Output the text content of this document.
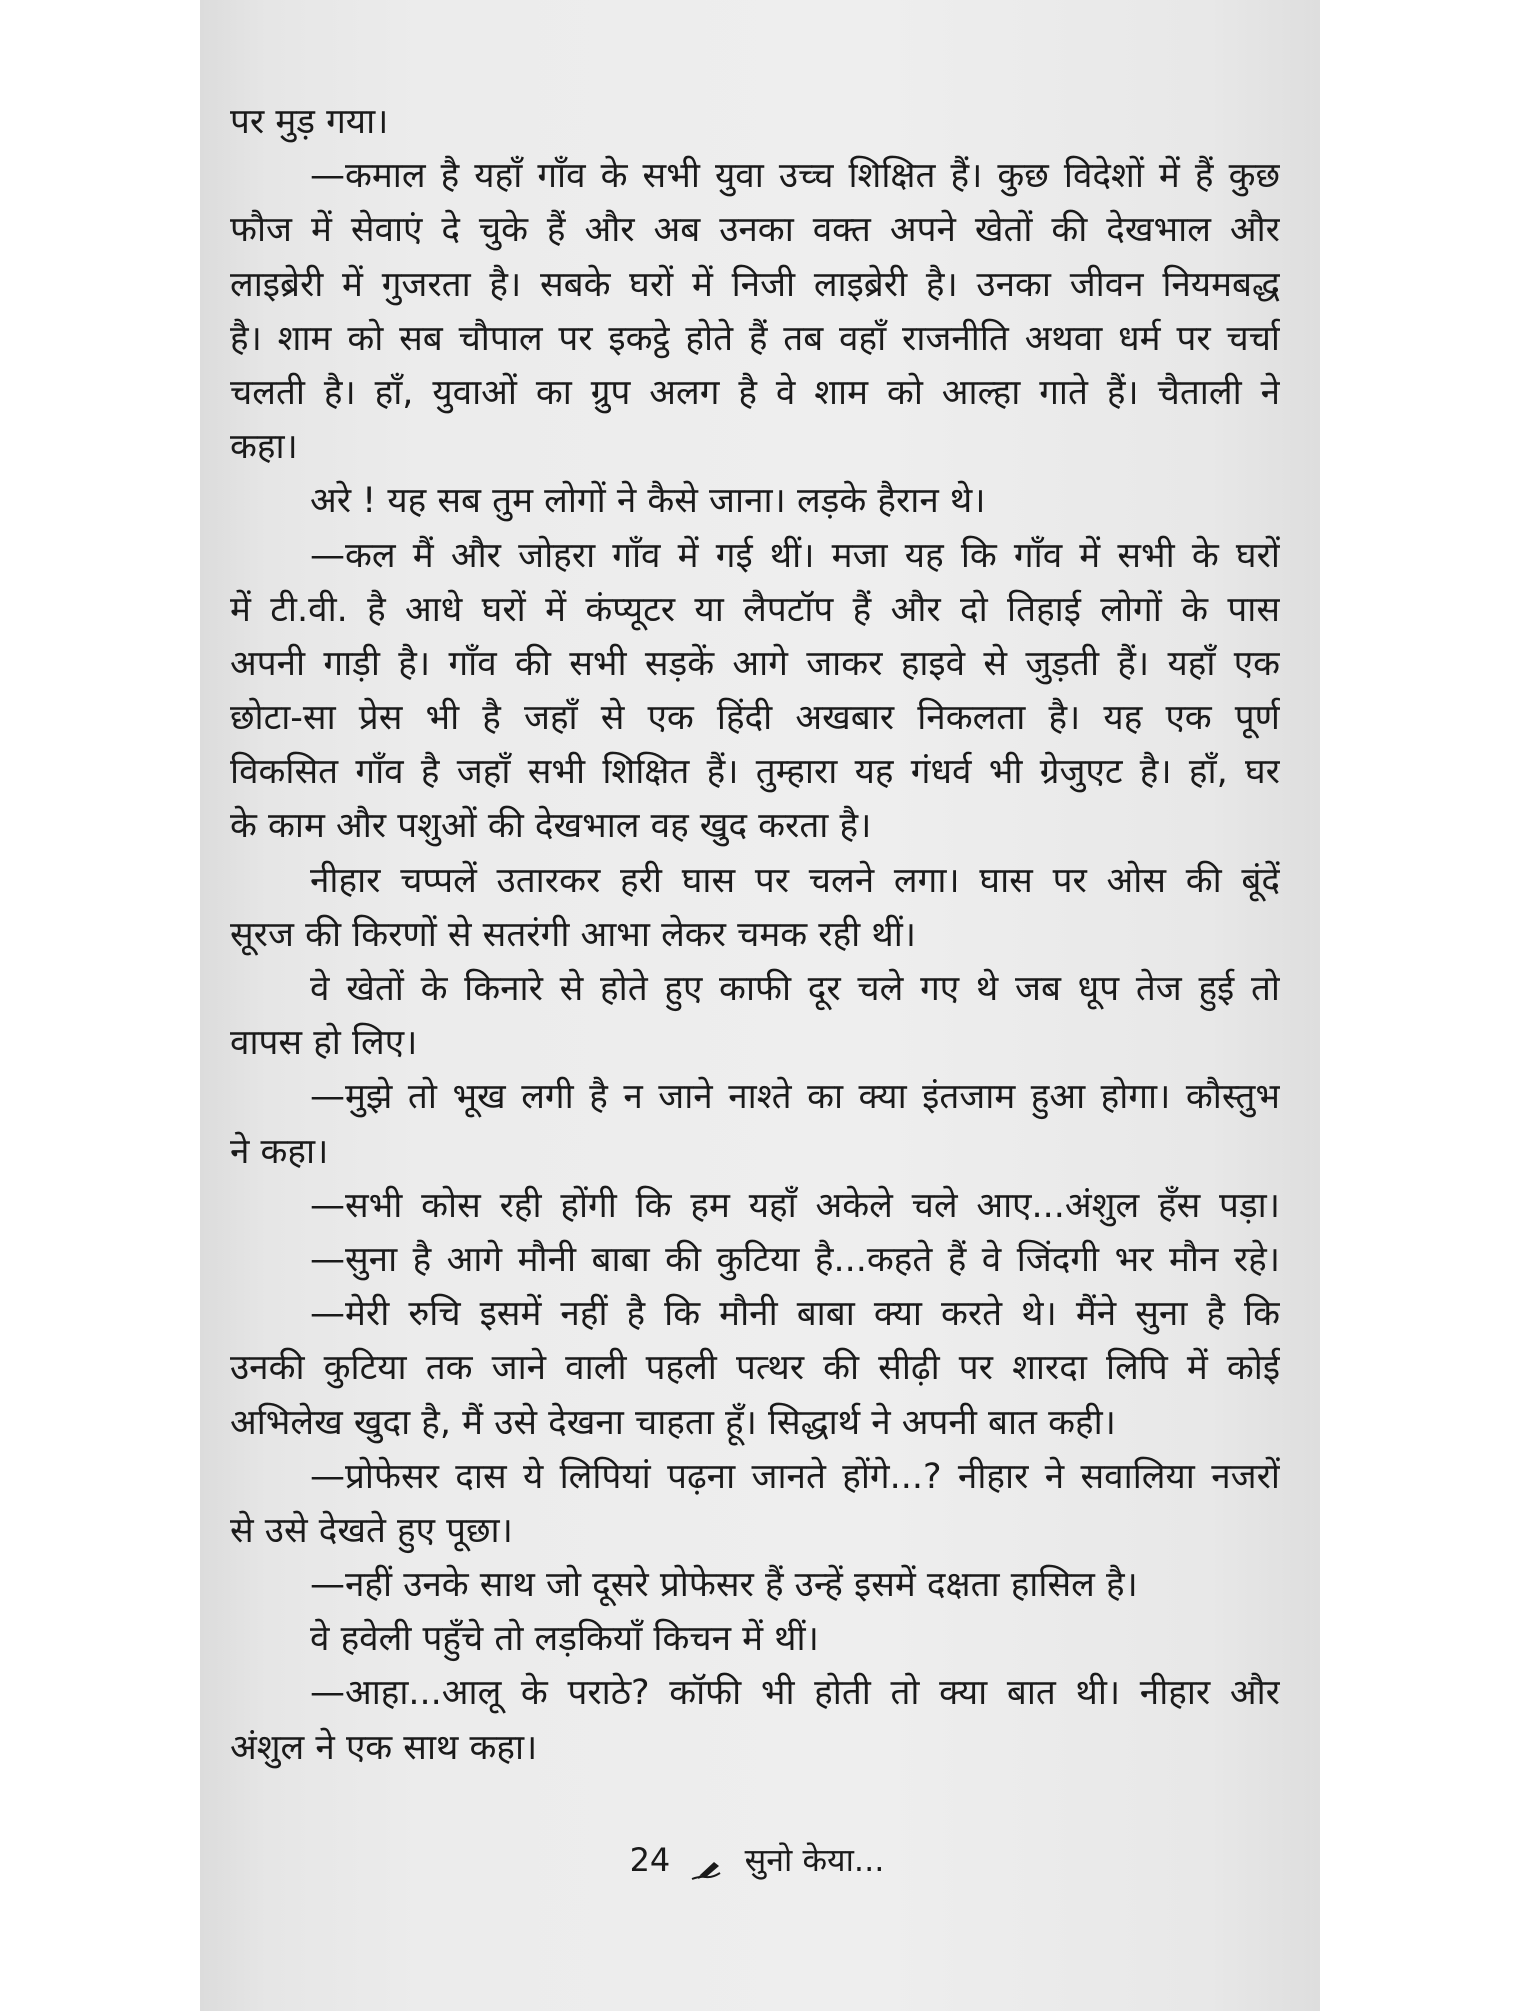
पर मुड़ गया।
—कमाल है यहाँ गाँव के सभी युवा उच्च शिक्षित हैं। कुछ विदेशों में हैं कुछ
फौज में सेवाएं दे चुके हैं और अब उनका वक्त अपने खेतों की देखभाल और
लाइब्रेरी में गुजरता है। सबके घरों में निजी लाइब्रेरी है। उनका जीवन नियमबद्ध
है। शाम को सब चौपाल पर इकट्ठे होते हैं तब वहाँ राजनीति अथवा धर्म पर चर्चा
चलती है। हाँ, युवाओं का ग्रुप अलग है वे शाम को आल्हा गाते हैं। चैताली ने
कहा।
अरे ! यह सब तुम लोगों ने कैसे जाना। लड़के हैरान थे।
—कल मैं और जोहरा गाँव में गई थीं। मजा यह कि गाँव में सभी के घरों
में टी.वी. है आधे घरों में कंप्यूटर या लैपटॉप हैं और दो तिहाई लोगों के पास
अपनी गाड़ी है। गाँव की सभी सड़कें आगे जाकर हाइवे से जुड़ती हैं। यहाँ एक
छोटा-सा प्रेस भी है जहाँ से एक हिंदी अखबार निकलता है। यह एक पूर्ण
विकसित गाँव है जहाँ सभी शिक्षित हैं। तुम्हारा यह गंधर्व भी ग्रेजुएट है। हाँ, घर
के काम और पशुओं की देखभाल वह खुद करता है।
नीहार चप्पलें उतारकर हरी घास पर चलने लगा। घास पर ओस की बूंदें
सूरज की किरणों से सतरंगी आभा लेकर चमक रही थीं।
वे खेतों के किनारे से होते हुए काफी दूर चले गए थे जब धूप तेज हुई तो
वापस हो लिए।
—मुझे तो भूख लगी है न जाने नाश्ते का क्या इंतजाम हुआ होगा। कौस्तुभ
ने कहा।
—सभी कोस रही होंगी कि हम यहाँ अकेले चले आए...अंशुल हँस पड़ा।
—सुना है आगे मौनी बाबा की कुटिया है...कहते हैं वे जिंदगी भर मौन रहे।
—मेरी रुचि इसमें नहीं है कि मौनी बाबा क्या करते थे। मैंने सुना है कि
उनकी कुटिया तक जाने वाली पहली पत्थर की सीढ़ी पर शारदा लिपि में कोई
अभिलेख खुदा है, मैं उसे देखना चाहता हूँ। सिद्धार्थ ने अपनी बात कही।
—प्रोफेसर दास ये लिपियां पढ़ना जानते होंगे...? नीहार ने सवालिया नजरों
से उसे देखते हुए पूछा।
—नहीं उनके साथ जो दूसरे प्रोफेसर हैं उन्हें इसमें दक्षता हासिल है।
वे हवेली पहुँचे तो लड़कियाँ किचन में थीं।
—आहा...आलू के पराठे? कॉफी भी होती तो क्या बात थी। नीहार और
अंशुल ने एक साथ कहा।
24 सुनो केया...
